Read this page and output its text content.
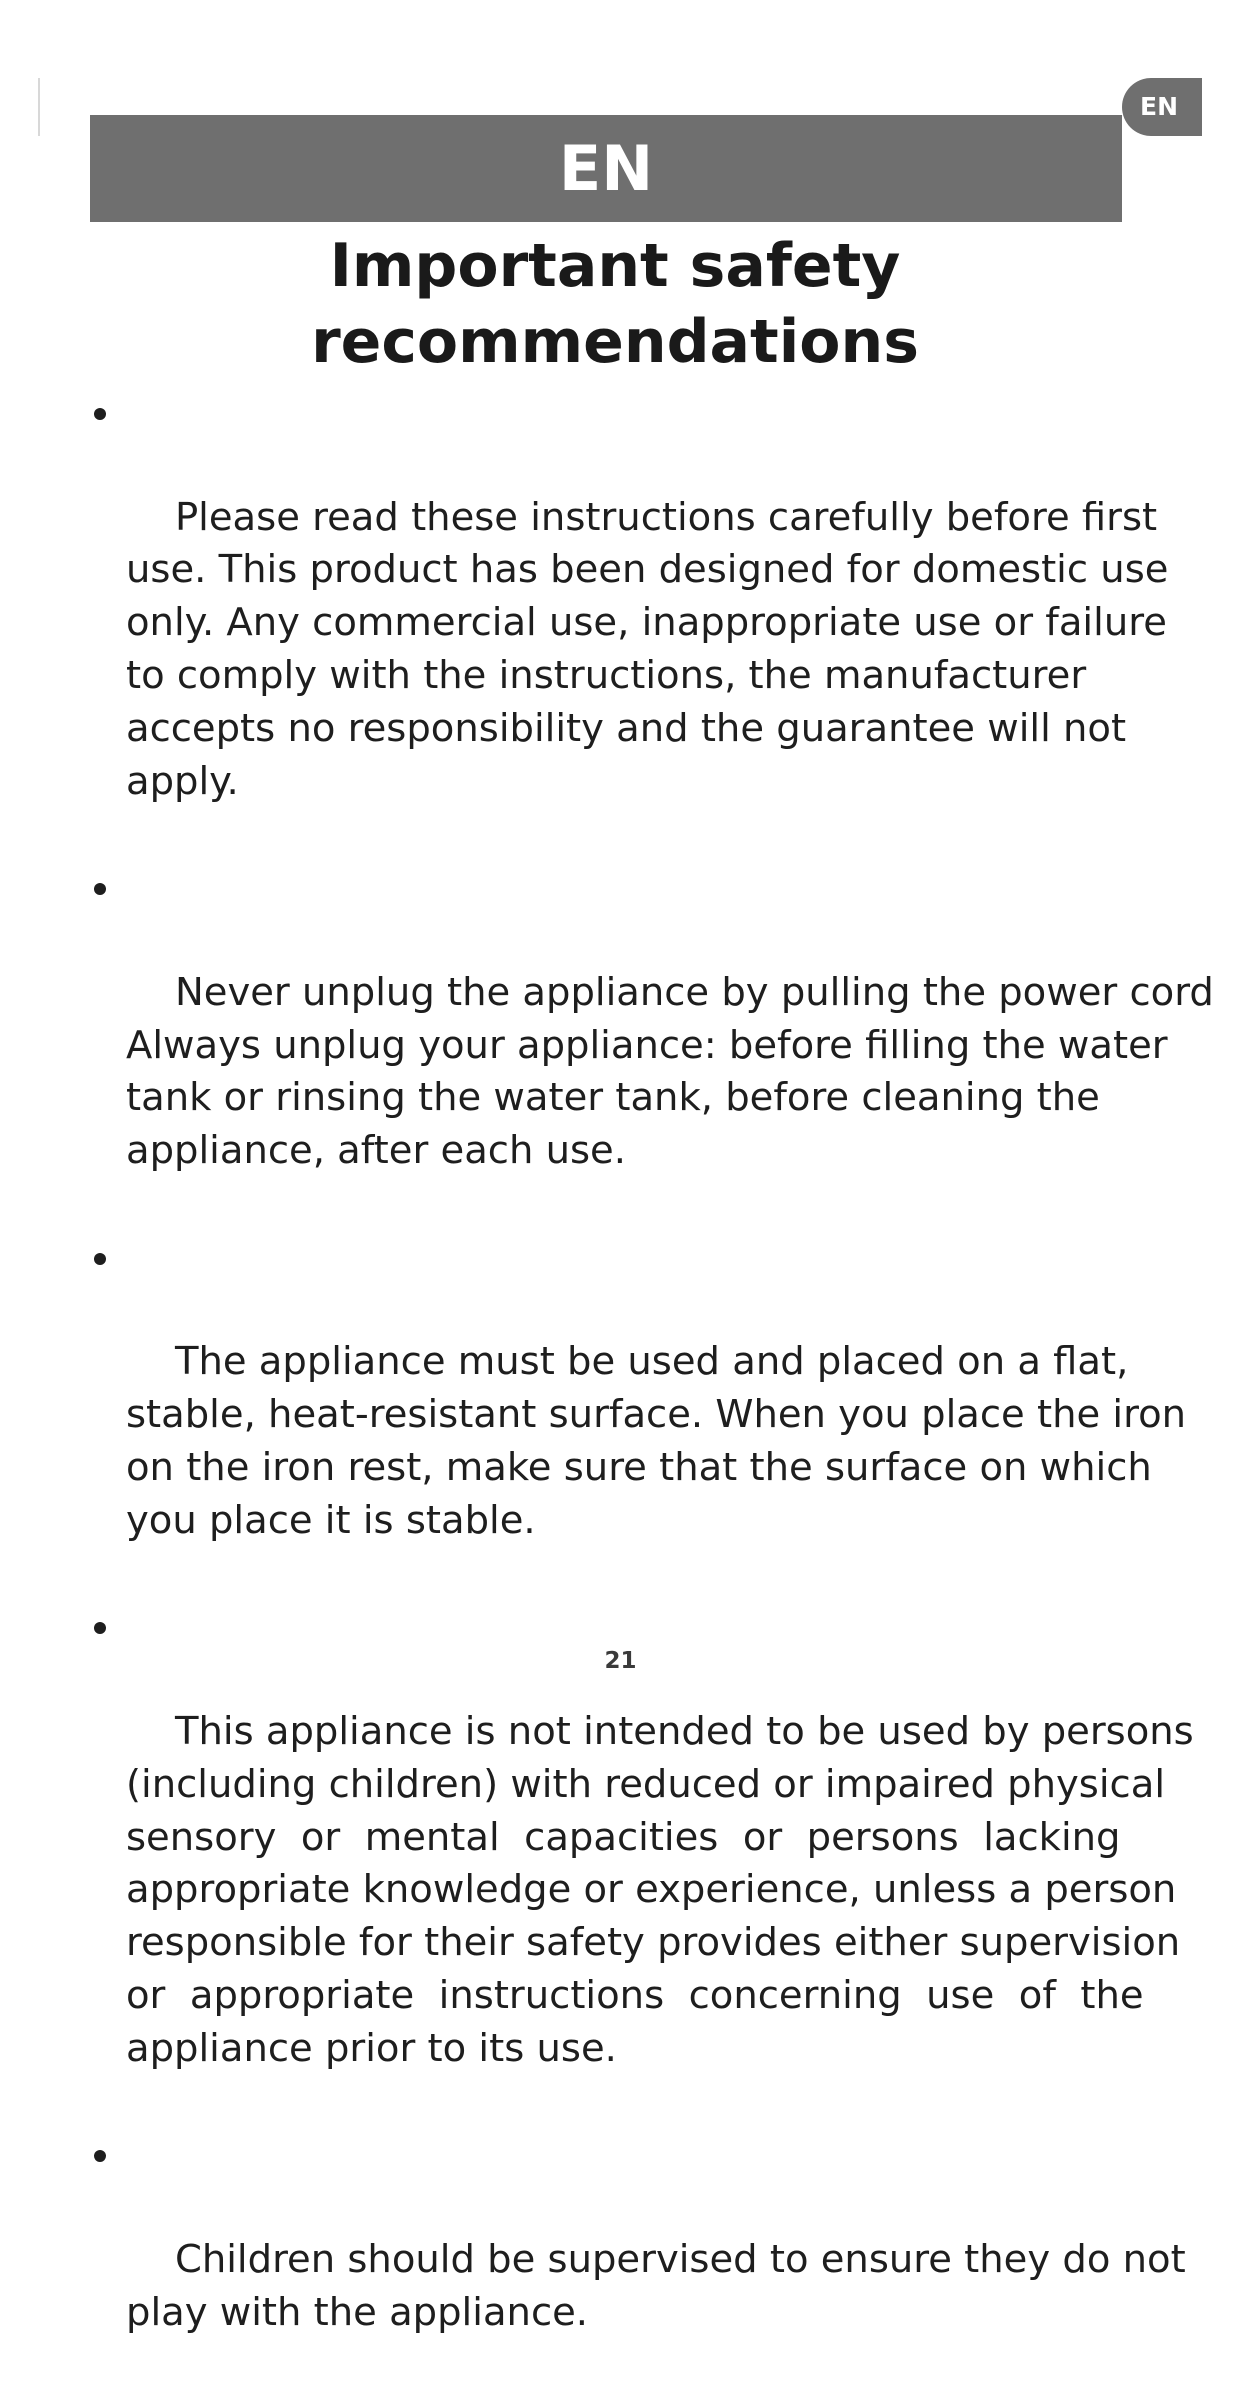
EN
EN
Important safety
recommendations

Please read these instructions carefully before first
use. This product has been designed for domestic use
only. Any commercial use, inappropriate use or failure
to comply with the instructions, the manufacturer
accepts no responsibility and the guarantee will not
apply.

Never unplug the appliance by pulling the power cord
Always unplug your appliance: before filling the water
tank or rinsing the water tank, before cleaning the
appliance, after each use.

The appliance must be used and placed on a flat,
stable, heat-resistant surface. When you place the iron
on the iron rest, make sure that the surface on which
you place it is stable.

This appliance is not intended to be used by persons
(including children) with reduced or impaired physical
sensory  or  mental  capacities  or  persons  lacking
appropriate knowledge or experience, unless a person
responsible for their safety provides either supervision
or  appropriate  instructions  concerning  use  of  the
appliance prior to its use.

Children should be supervised to ensure they do not
play with the appliance.

21
